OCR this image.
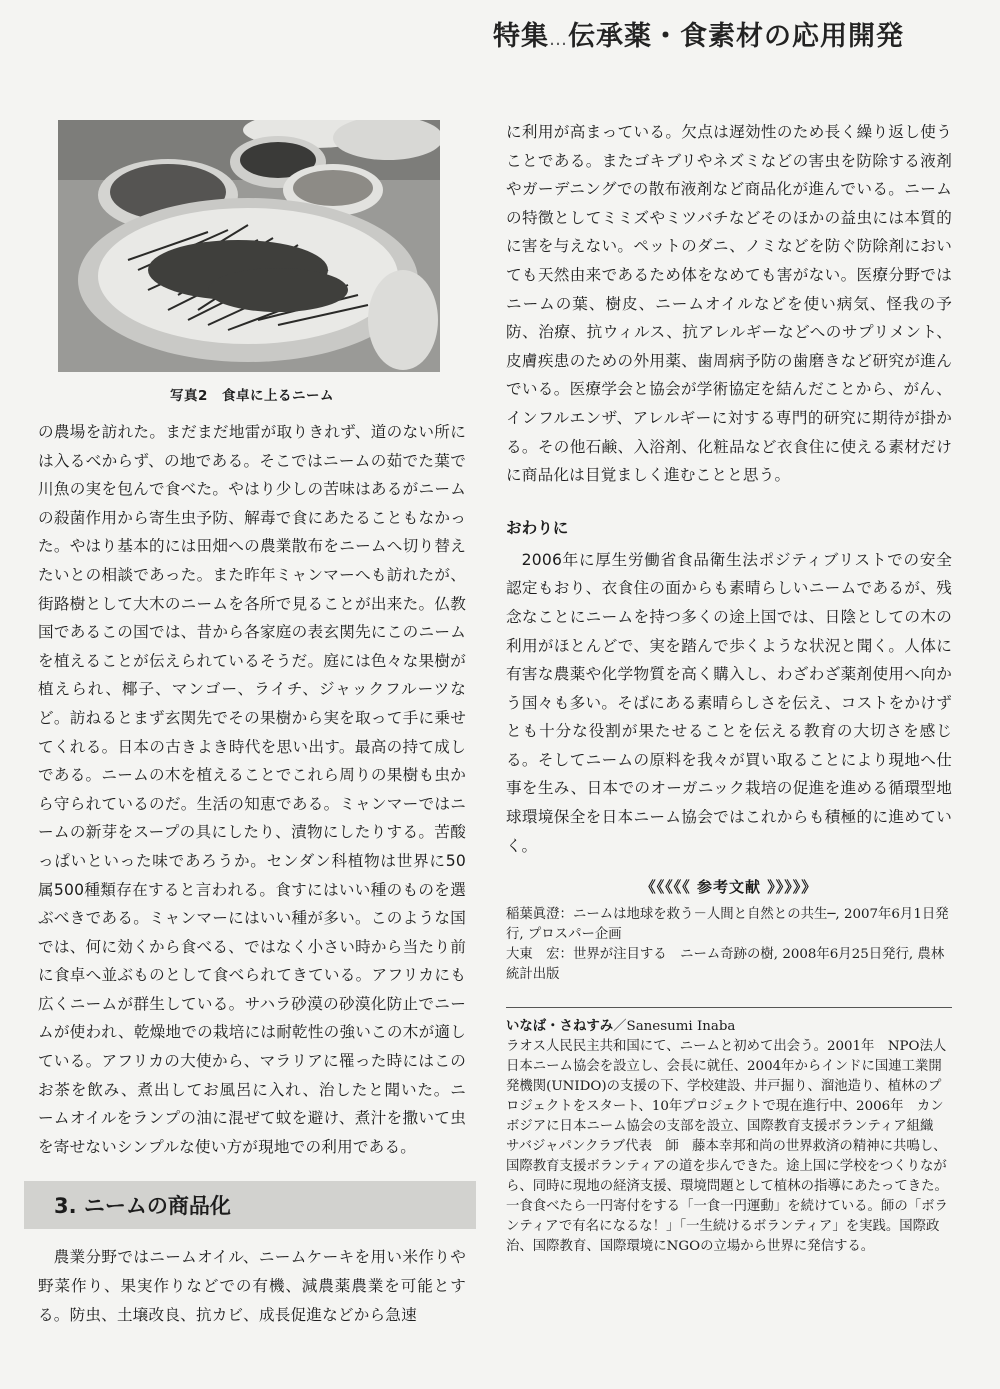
特集…伝承薬・食素材の応用開発
写真2　食卓に上るニーム

の農場を訪れた。まだまだ地雷が取りきれず、道のない所には入るべからず、の地である。そこではニームの茹でた葉で川魚の実を包んで食べた。やはり少しの苦味はあるがニームの殺菌作用から寄生虫予防、解毒で食にあたることもなかった。やはり基本的には田畑への農業散布をニームへ切り替えたいとの相談であった。また昨年ミャンマーへも訪れたが、街路樹として大木のニームを各所で見ることが出来た。仏教国であるこの国では、昔から各家庭の表玄関先にこのニームを植えることが伝えられているそうだ。庭には色々な果樹が植えられ、椰子、マンゴー、ライチ、ジャックフルーツなど。訪ねるとまず玄関先でその果樹から実を取って手に乗せてくれる。日本の古きよき時代を思い出す。最高の持て成しである。ニームの木を植えることでこれら周りの果樹も虫から守られているのだ。生活の知恵である。ミャンマーではニームの新芽をスープの具にしたり、漬物にしたりする。苦酸っぱいといった味であろうか。センダン科植物は世界に50属500種類存在すると言われる。食すにはいい種のものを選ぶべきである。ミャンマーにはいい種が多い。このような国では、何に効くから食べる、ではなく小さい時から当たり前に食卓へ並ぶものとして食べられてきている。アフリカにも広くニームが群生している。サハラ砂漠の砂漠化防止でニームが使われ、乾燥地での栽培には耐乾性の強いこの木が適している。アフリカの大使から、マラリアに罹った時にはこのお茶を飲み、煮出してお風呂に入れ、治したと聞いた。ニームオイルをランプの油に混ぜて蚊を避け、煮汁を撒いて虫を寄せないシンプルな使い方が現地での利用である。

3. ニームの商品化

農業分野ではニームオイル、ニームケーキを用い米作りや野菜作り、果実作りなどでの有機、減農薬農業を可能とする。防虫、土壌改良、抗カビ、成長促進などから急速

に利用が高まっている。欠点は遅効性のため長く繰り返し使うことである。またゴキブリやネズミなどの害虫を防除する液剤やガーデニングでの散布液剤など商品化が進んでいる。ニームの特徴としてミミズやミツバチなどそのほかの益虫には本質的に害を与えない。ペットのダニ、ノミなどを防ぐ防除剤においても天然由来であるため体をなめても害がない。医療分野ではニームの葉、樹皮、ニームオイルなどを使い病気、怪我の予防、治療、抗ウィルス、抗アレルギーなどへのサプリメント、皮膚疾患のための外用薬、歯周病予防の歯磨きなど研究が進んでいる。医療学会と協会が学術協定を結んだことから、がん、インフルエンザ、アレルギーに対する専門的研究に期待が掛かる。その他石鹸、入浴剤、化粧品など衣食住に使える素材だけに商品化は目覚ましく進むことと思う。

おわりに

2006年に厚生労働省食品衛生法ポジティブリストでの安全認定もおり、衣食住の面からも素晴らしいニームであるが、残念なことにニームを持つ多くの途上国では、日陰としての木の利用がほとんどで、実を踏んで歩くような状況と聞く。人体に有害な農薬や化学物質を高く購入し、わざわざ薬剤使用へ向かう国々も多い。そばにある素晴らしさを伝え、コストをかけずとも十分な役割が果たせることを伝える教育の大切さを感じる。そしてニームの原料を我々が買い取ることにより現地へ仕事を生み、日本でのオーガニック栽培の促進を進める循環型地球環境保全を日本ニーム協会ではこれからも積極的に進めていく。

《《《《《 参考文献 》》》》》

稲葉眞澄：ニームは地球を救う－人間と自然との共生─, 2007年6月1日発行, プロスパー企画

大東　宏：世界が注目する　ニーム奇跡の樹, 2008年6月25日発行, 農林統計出版

いなば・さねすみ／Sanesumi Inaba

ラオス人民民主共和国にて、ニームと初めて出会う。2001年　NPO法人　日本ニーム協会を設立し、会長に就任、2004年からインドに国連工業開発機関(UNIDO)の支援の下、学校建設、井戸掘り、溜池造り、植林のプロジェクトをスタート、10年プロジェクトで現在進行中、2006年　カンボジアに日本ニーム協会の支部を設立、国際教育支援ボランティア組織　サバジャパンクラブ代表　師　藤本幸邦和尚の世界救済の精神に共鳴し、国際教育支援ボランティアの道を歩んできた。途上国に学校をつくりながら、同時に現地の経済支援、環境問題として植林の指導にあたってきた。一食食べたら一円寄付をする「一食一円運動」を続けている。師の「ボランティアで有名になるな！」「一生続けるボランティア」を実践。国際政治、国際教育、国際環境にNGOの立場から世界に発信する。
